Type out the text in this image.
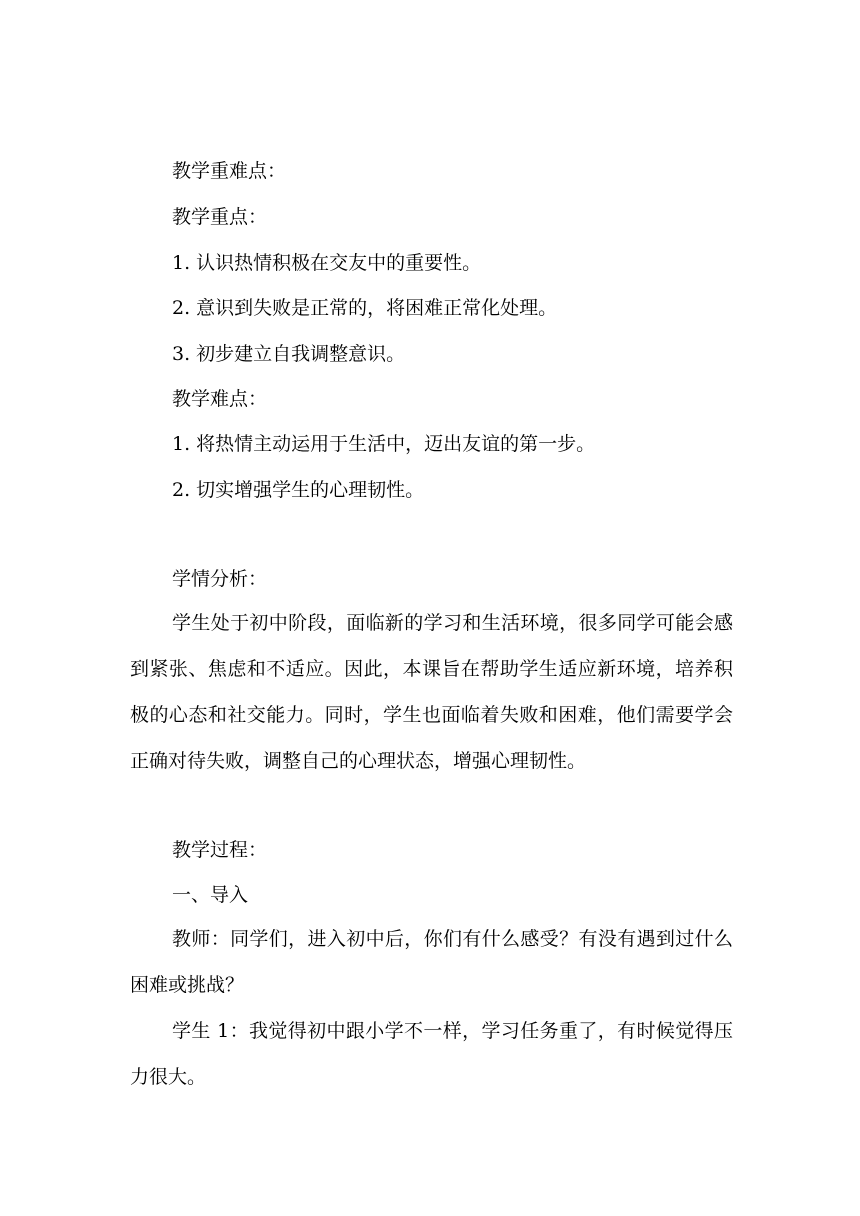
教学重难点：
教学重点：
1. 认识热情积极在交友中的重要性。
2. 意识到失败是正常的，将困难正常化处理。
3. 初步建立自我调整意识。
教学难点：
1. 将热情主动运用于生活中，迈出友谊的第一步。
2. 切实增强学生的心理韧性。
学情分析：

学生处于初中阶段，面临新的学习和生活环境，很多同学可能会感到紧张、焦虑和不适应。因此，本课旨在帮助学生适应新环境，培养积极的心态和社交能力。同时，学生也面临着失败和困难，他们需要学会正确对待失败，调整自己的心理状态，增强心理韧性。

教学过程：
一、导入

教师：同学们，进入初中后，你们有什么感受？有没有遇到过什么困难或挑战？

学生 1：我觉得初中跟小学不一样，学习任务重了，有时候觉得压力很大。
